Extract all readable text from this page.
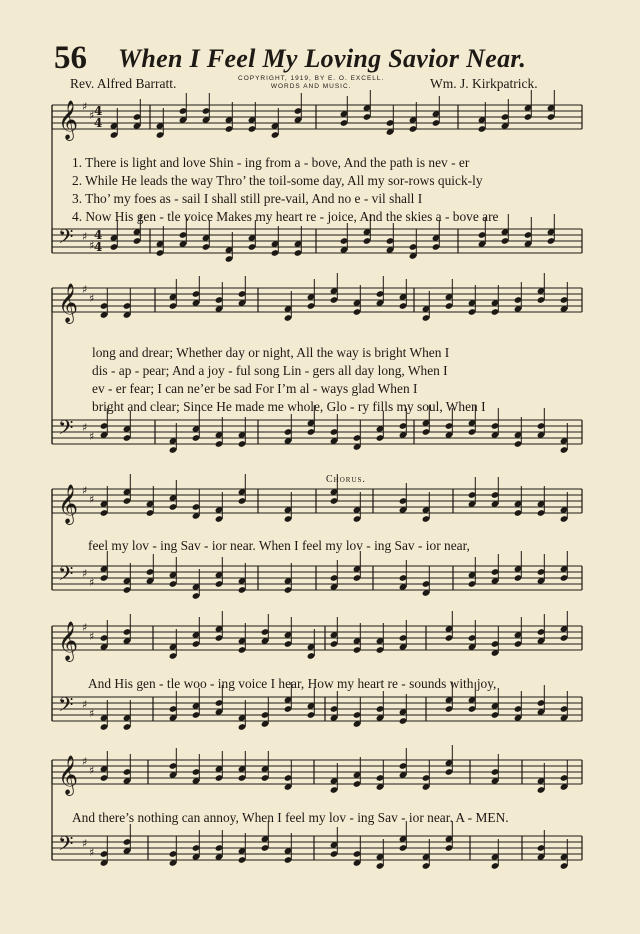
56 When I Feel My Loving Savior Near.
Rev. Alfred Barratt.	COPYRIGHT, 1919, BY E. O. EXCELL.
WORDS AND MUSIC.	Wm. J. Kirkpatrick.
𝄞 ♯
♯
𝄢 ♯
♯
𝄞 ♯
♯
𝄢 ♯
♯
𝄞 ♯
♯
𝄢 ♯
♯
𝄞 ♯
♯
𝄢 ♯
♯
𝄞 ♯
♯
𝄢 ♯
♯
4
4
4
4
1. There is light and love Shin - ing from a - bove, And the path is nev - er
2. While He leads the way Thro’ the toil-some day, All my sor-rows quick-ly
3. Tho’ my foes as - sail I shall still pre-vail, And no e - vil shall I
4. Now His gen - tle voice Makes my heart re - joice, And the skies a - bove are
long and drear; Whether day or night, All the way is bright When I
dis - ap - pear; And a joy - ful song Lin - gers all day long, When I
ev - er fear; I can ne’er be sad For I’m al - ways glad When I
bright and clear; Since He made me whole, Glo - ry fills my soul, When I
Chorus.
feel my lov - ing Sav - ior near. When I feel my lov - ing Sav - ior near,
And His gen - tle woo - ing voice I hear, How my heart re - sounds with joy,
And there’s nothing can annoy, When I feel my lov - ing Sav - ior near. A - MEN.
